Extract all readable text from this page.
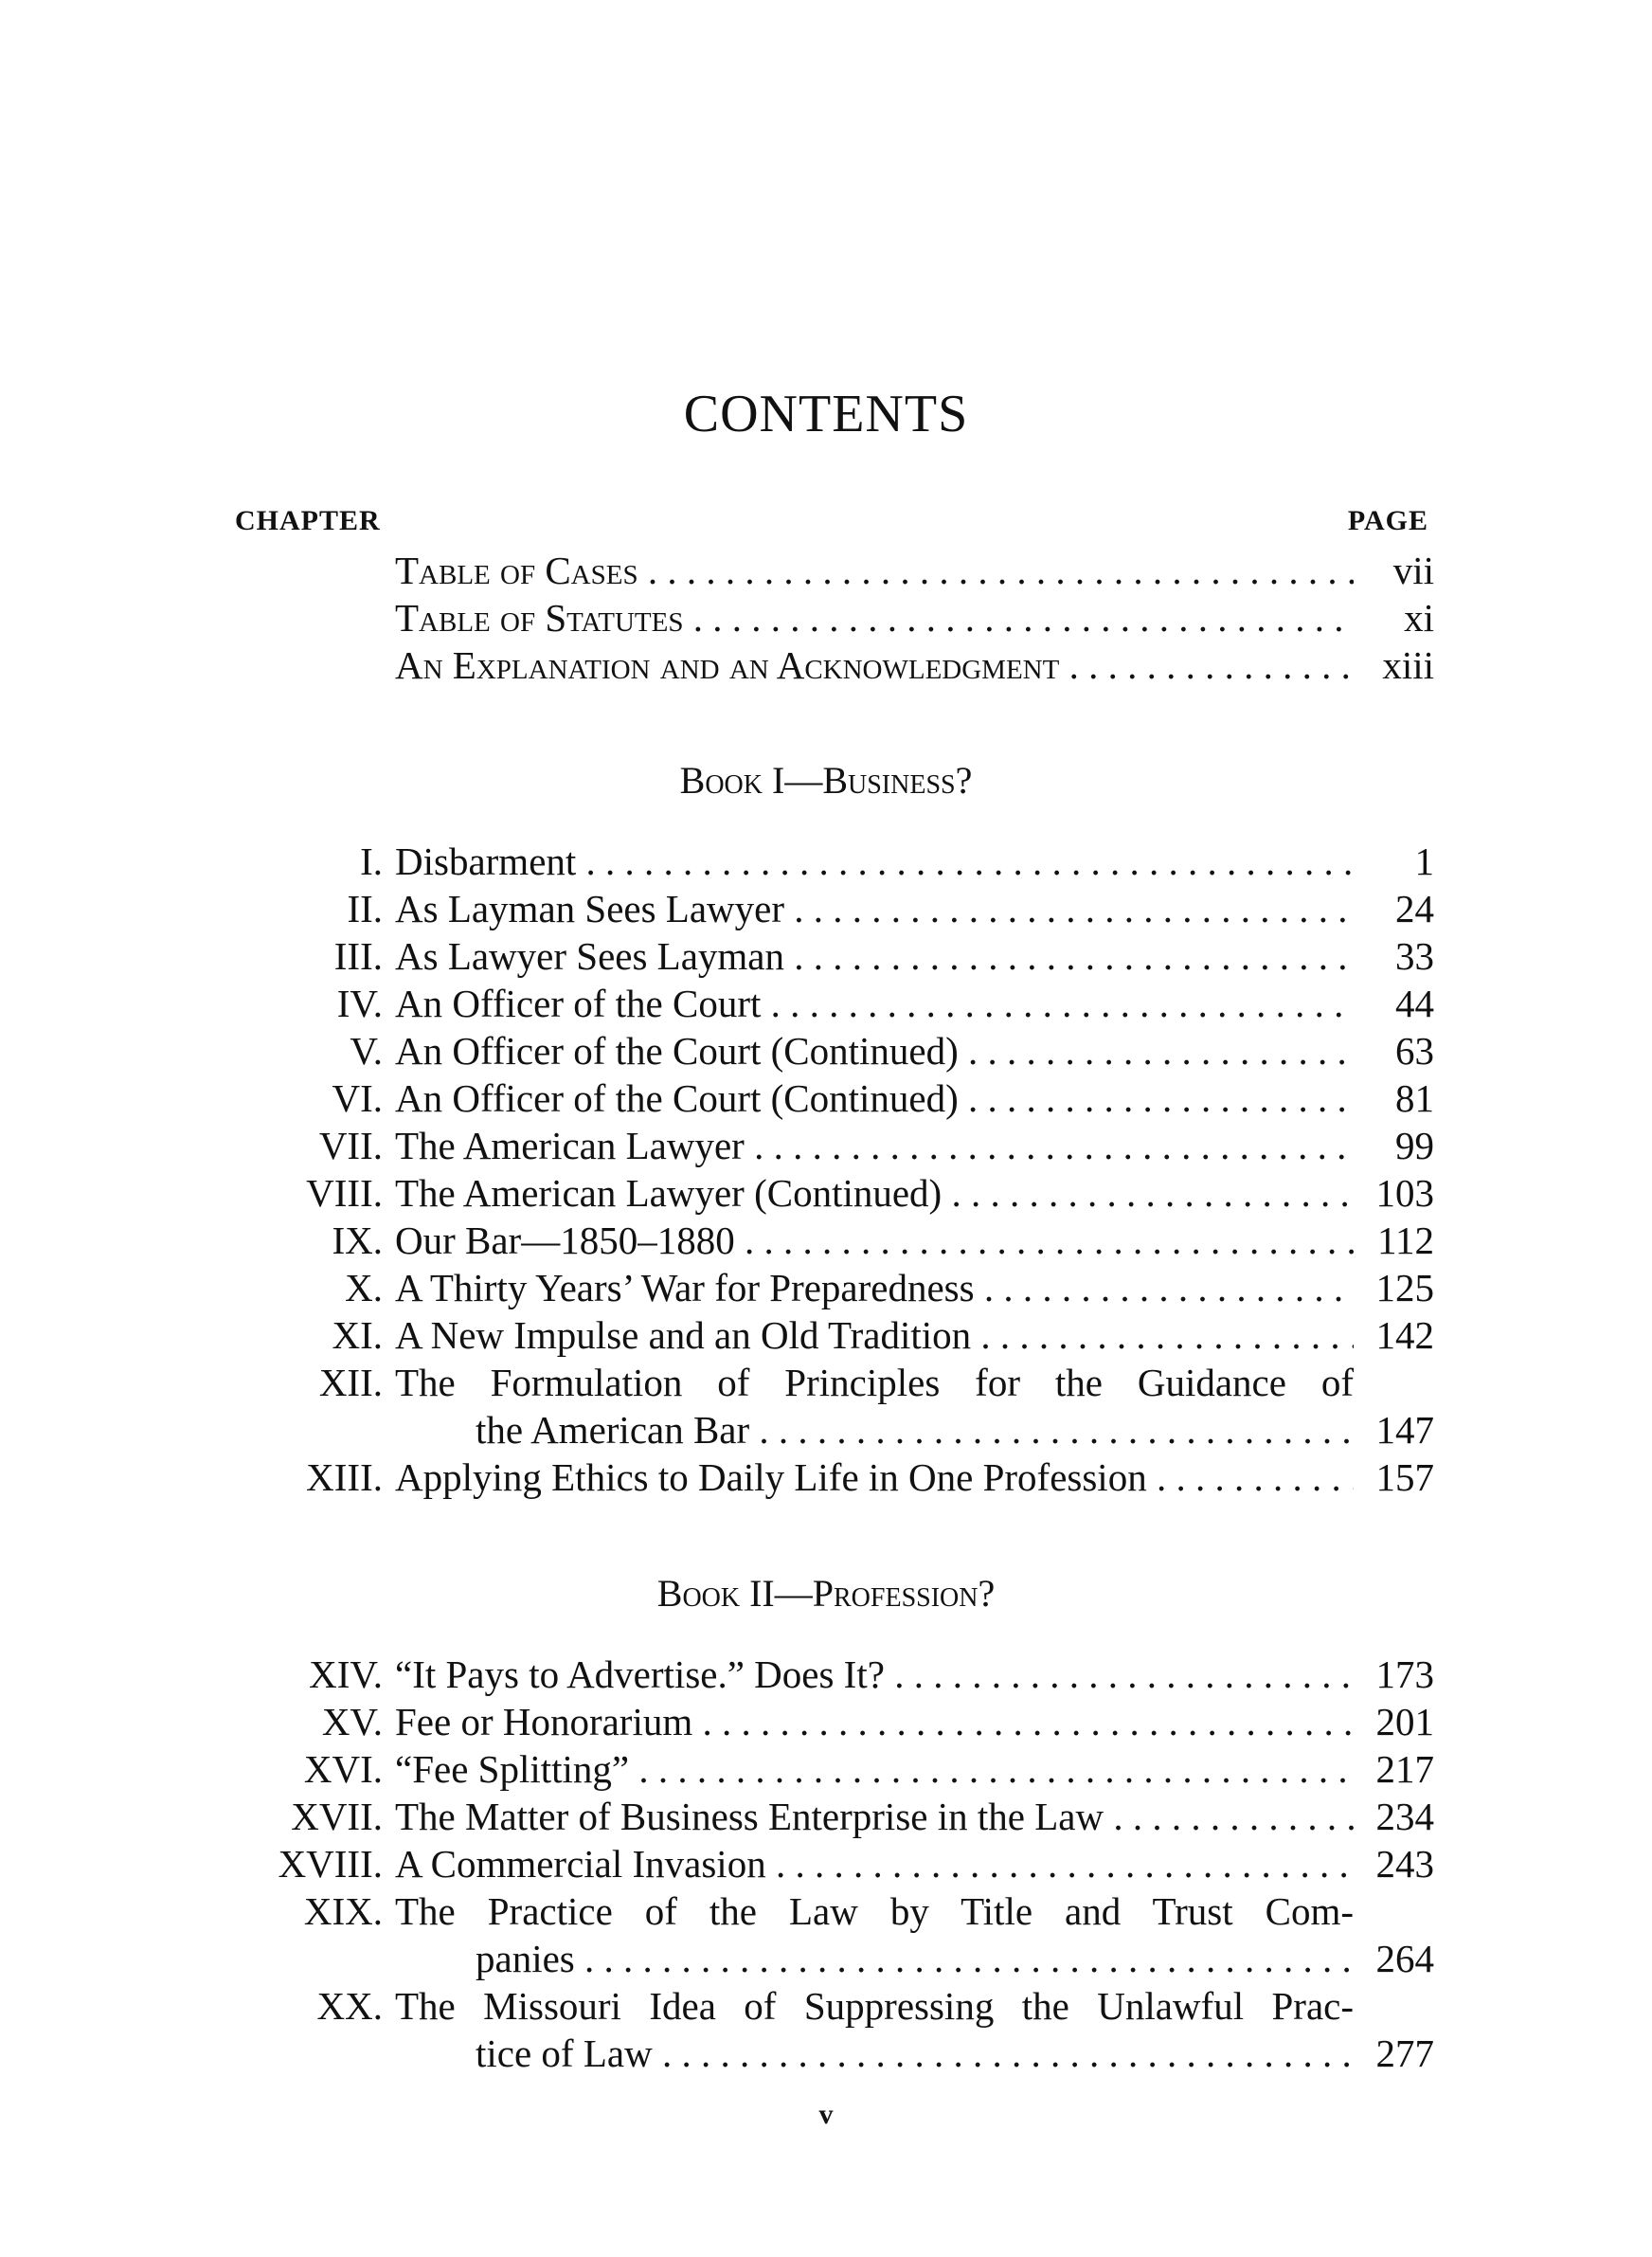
CONTENTS
CHAPTER	PAGE
Table of Cases . . .	vii
Table of Statutes . . .	xi
An Explanation and an Acknowledgment . . .	xiii
Book I—Business?
I. Disbarment . . .	1
II. As Layman Sees Lawyer . . .	24
III. As Lawyer Sees Layman . . .	33
IV. An Officer of the Court . . .	44
V. An Officer of the Court (Continued) . . .	63
VI. An Officer of the Court (Continued) . . .	81
VII. The American Lawyer . . .	99
VIII. The American Lawyer (Continued) . . .	103
IX. Our Bar—1850–1880 . . .	112
X. A Thirty Years’ War for Preparedness . . .	125
XI. A New Impulse and an Old Tradition . . .	142
XII. The Formulation of Principles for the Guidance of
the American Bar . . .	147
XIII. Applying Ethics to Daily Life in One Profession . . .	157
Book II—Profession?
XIV. “It Pays to Advertise.” Does It? . . .	173
XV. Fee or Honorarium . . .	201
XVI. “Fee Splitting” . . .	217
XVII. The Matter of Business Enterprise in the Law . . .	234
XVIII. A Commercial Invasion . . .	243
XIX. The Practice of the Law by Title and Trust Com-
panies . . .	264
XX. The Missouri Idea of Suppressing the Unlawful Prac-
tice of Law . . .	277
v
